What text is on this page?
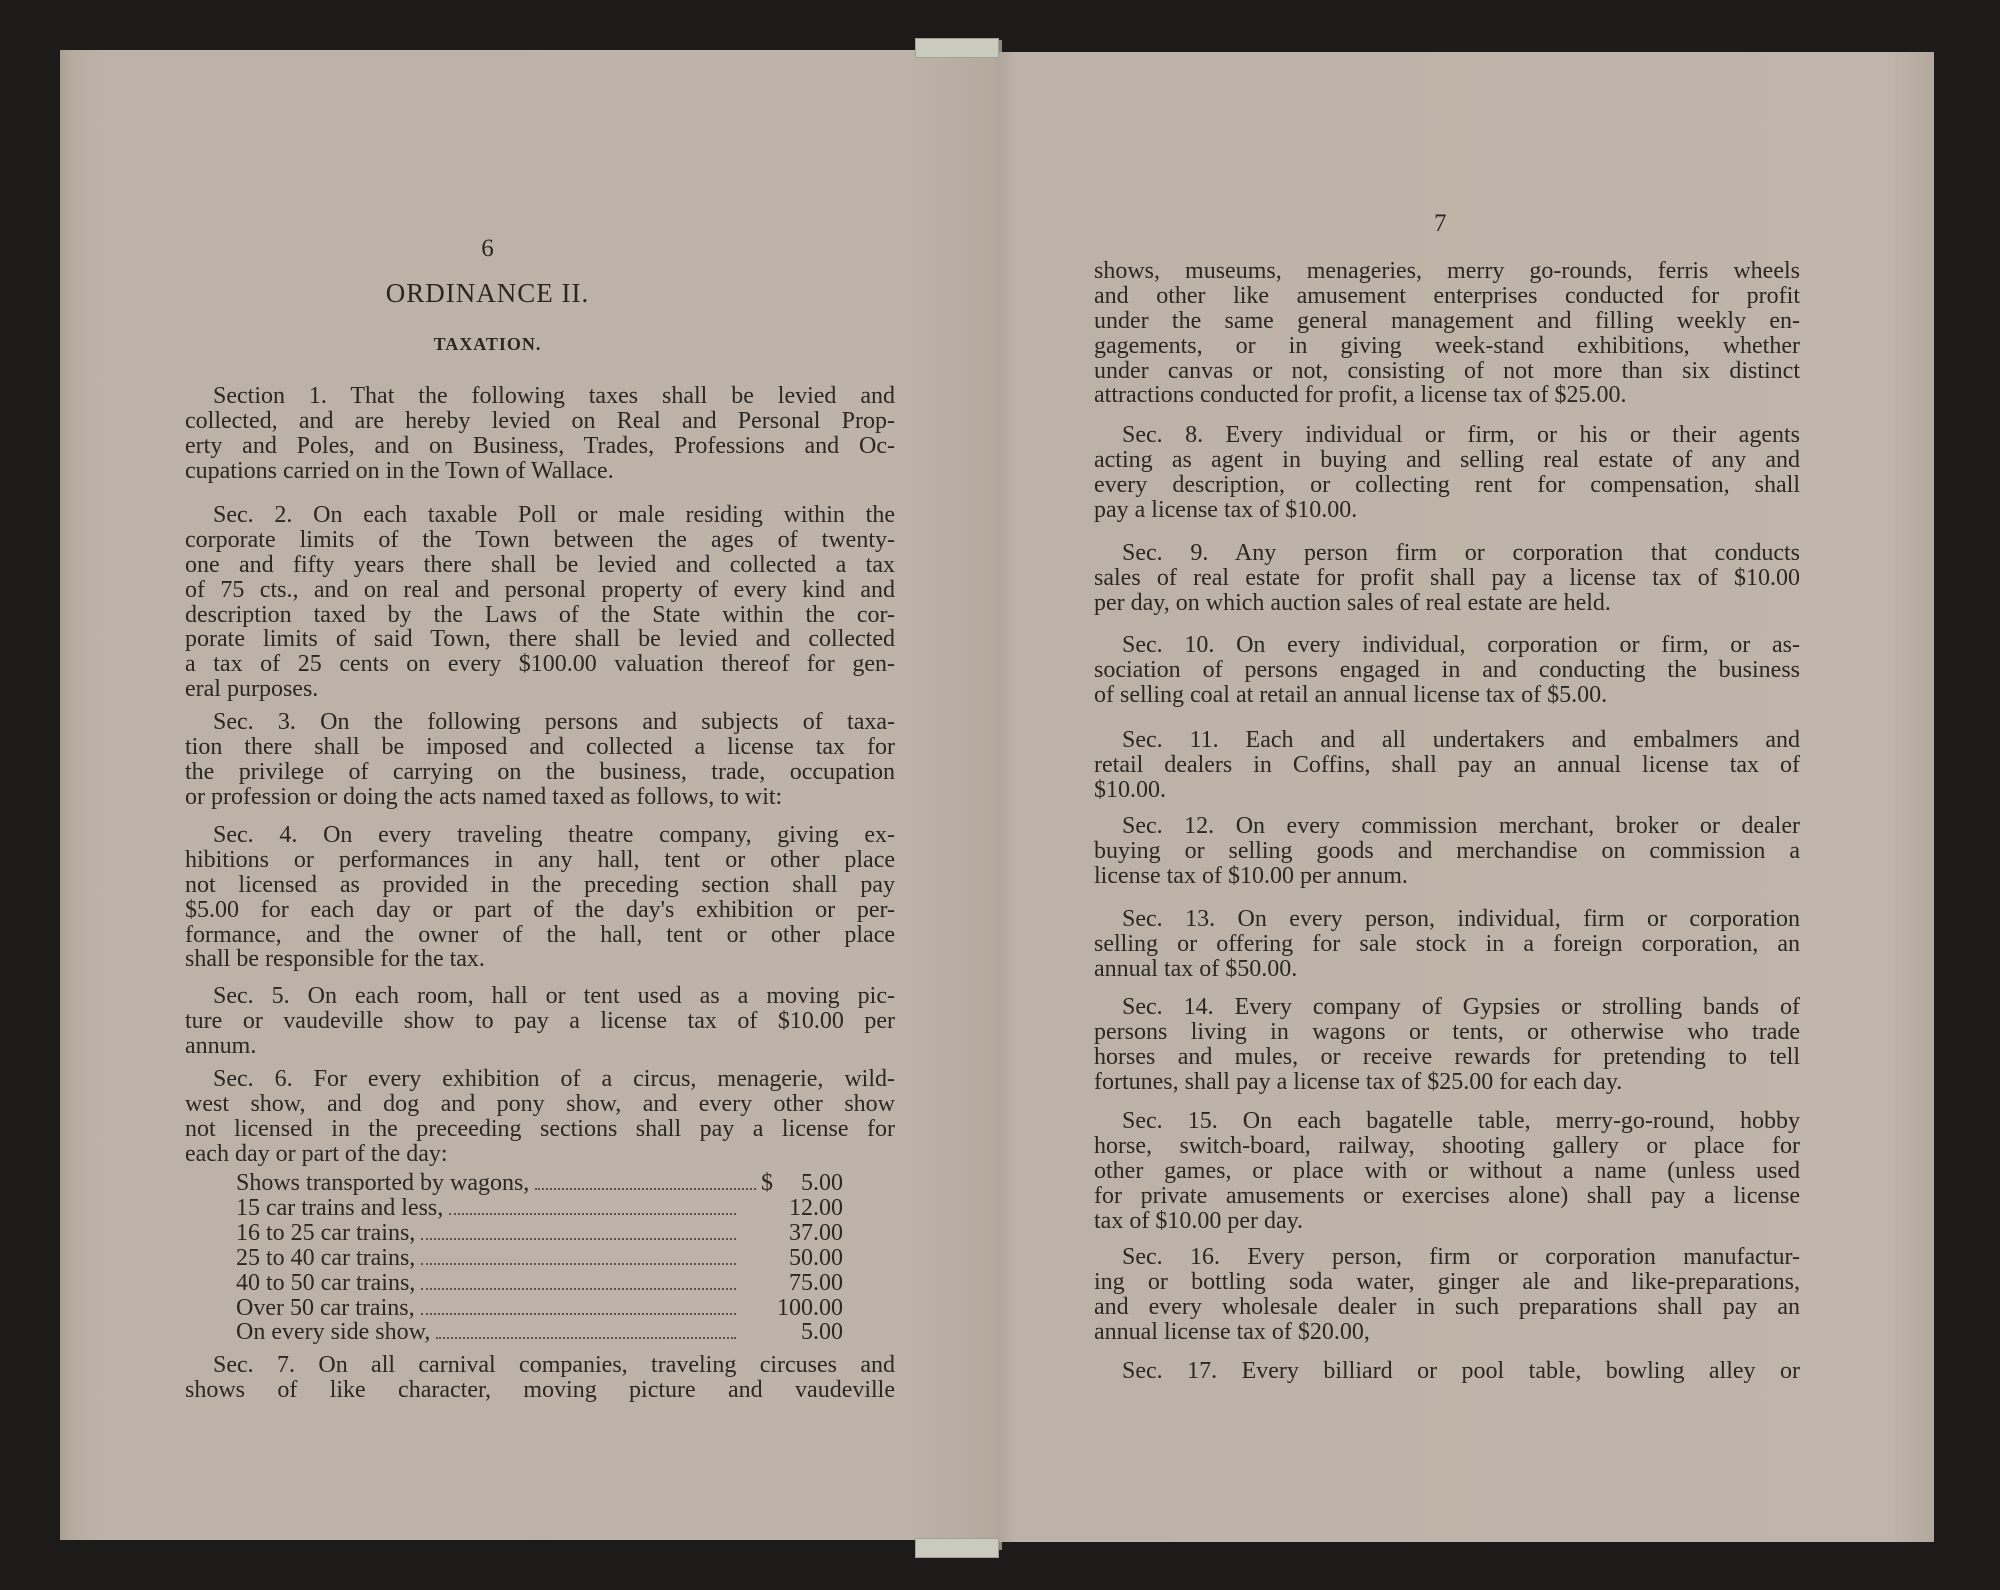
6
ORDINANCE II.
TAXATION.
Section 1. That the following taxes shall be levied and
collected, and are hereby levied on Real and Personal Prop-
erty and Poles, and on Business, Trades, Professions and Oc-
cupations carried on in the Town of Wallace.
Sec. 2. On each taxable Poll or male residing within the
corporate limits of the Town between the ages of twenty-
one and fifty years there shall be levied and collected a tax
of 75 cts., and on real and personal property of every kind and
description taxed by the Laws of the State within the cor-
porate limits of said Town, there shall be levied and collected
a tax of 25 cents on every $100.00 valuation thereof for gen-
eral purposes.
Sec. 3. On the following persons and subjects of taxa-
tion there shall be imposed and collected a license tax for
the privilege of carrying on the business, trade, occupation
or profession or doing the acts named taxed as follows, to wit:
Sec. 4. On every traveling theatre company, giving ex-
hibitions or performances in any hall, tent or other place
not licensed as provided in the preceding section shall pay
$5.00 for each day or part of the day's exhibition or per-
formance, and the owner of the hall, tent or other place
shall be responsible for the tax.
Sec. 5. On each room, hall or tent used as a moving pic-
ture or vaudeville show to pay a license tax of $10.00 per
annum.
Sec. 6. For every exhibition of a circus, menagerie, wild-
west show, and dog and pony show, and every other show
not licensed in the preceeding sections shall pay a license for
each day or part of the day:
Sec. 7. On all carnival companies, traveling circuses and
shows of like character, moving picture and vaudeville
Shows transported by wagons,	$ 5.00
15 car trains and less,	12.00
16 to 25 car trains,	37.00
25 to 40 car trains,	50.00
40 to 50 car trains,	75.00
Over 50 car trains,	100.00
On every side show,	5.00
7
shows, museums, menageries, merry go-rounds, ferris wheels
and other like amusement enterprises conducted for profit
under the same general management and filling weekly en-
gagements, or in giving week-stand exhibitions, whether
under canvas or not, consisting of not more than six distinct
attractions conducted for profit, a license tax of $25.00.
Sec. 8. Every individual or firm, or his or their agents
acting as agent in buying and selling real estate of any and
every description, or collecting rent for compensation, shall
pay a license tax of $10.00.
Sec. 9. Any person firm or corporation that conducts
sales of real estate for profit shall pay a license tax of $10.00
per day, on which auction sales of real estate are held.
Sec. 10. On every individual, corporation or firm, or as-
sociation of persons engaged in and conducting the business
of selling coal at retail an annual license tax of $5.00.
Sec. 11. Each and all undertakers and embalmers and
retail dealers in Coffins, shall pay an annual license tax of
$10.00.
Sec. 12. On every commission merchant, broker or dealer
buying or selling goods and merchandise on commission a
license tax of $10.00 per annum.
Sec. 13. On every person, individual, firm or corporation
selling or offering for sale stock in a foreign corporation, an
annual tax of $50.00.
Sec. 14. Every company of Gypsies or strolling bands of
persons living in wagons or tents, or otherwise who trade
horses and mules, or receive rewards for pretending to tell
fortunes, shall pay a license tax of $25.00 for each day.
Sec. 15. On each bagatelle table, merry-go-round, hobby
horse, switch-board, railway, shooting gallery or place for
other games, or place with or without a name (unless used
for private amusements or exercises alone) shall pay a license
tax of $10.00 per day.
Sec. 16. Every person, firm or corporation manufactur-
ing or bottling soda water, ginger ale and like-preparations,
and every wholesale dealer in such preparations shall pay an
annual license tax of $20.00,
Sec. 17. Every billiard or pool table, bowling alley or
